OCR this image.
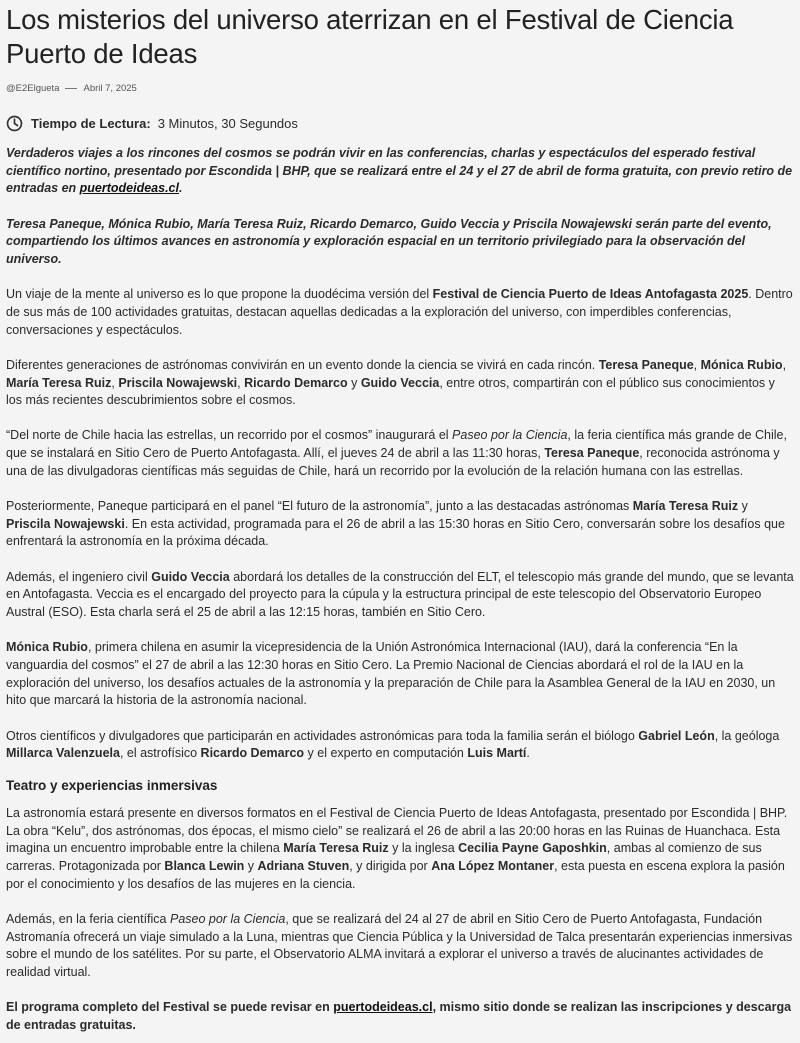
Los misterios del universo aterrizan en el Festival de Ciencia Puerto de Ideas
@E2Elgueta	Abril 7, 2025
Tiempo de Lectura: 3 Minutos, 30 Segundos

Verdaderos viajes a los rincones del cosmos se podrán vivir en las conferencias, charlas y espectáculos del esperado festival científico nortino, presentado por Escondida | BHP, que se realizará entre el 24 y el 27 de abril de forma gratuita, con previo retiro de entradas en puertodeideas.cl.

Teresa Paneque, Mónica Rubio, María Teresa Ruiz, Ricardo Demarco, Guido Veccia y Priscila Nowajewski serán parte del evento, compartiendo los últimos avances en astronomía y exploración espacial en un territorio privilegiado para la observación del universo.

Un viaje de la mente al universo es lo que propone la duodécima versión del Festival de Ciencia Puerto de Ideas Antofagasta 2025. Dentro de sus más de 100 actividades gratuitas, destacan aquellas dedicadas a la exploración del universo, con imperdibles conferencias, conversaciones y espectáculos.

Diferentes generaciones de astrónomas convivirán en un evento donde la ciencia se vivirá en cada rincón. Teresa Paneque, Mónica Rubio, María Teresa Ruiz, Priscila Nowajewski, Ricardo Demarco y Guido Veccia, entre otros, compartirán con el público sus conocimientos y los más recientes descubrimientos sobre el cosmos.

“Del norte de Chile hacia las estrellas, un recorrido por el cosmos” inaugurará el Paseo por la Ciencia, la feria científica más grande de Chile, que se instalará en Sitio Cero de Puerto Antofagasta. Allí, el jueves 24 de abril a las 11:30 horas, Teresa Paneque, reconocida astrónoma y una de las divulgadoras científicas más seguidas de Chile, hará un recorrido por la evolución de la relación humana con las estrellas.

Posteriormente, Paneque participará en el panel “El futuro de la astronomía”, junto a las destacadas astrónomas María Teresa Ruiz y Priscila Nowajewski. En esta actividad, programada para el 26 de abril a las 15:30 horas en Sitio Cero, conversarán sobre los desafíos que enfrentará la astronomía en la próxima década.

Además, el ingeniero civil Guido Veccia abordará los detalles de la construcción del ELT, el telescopio más grande del mundo, que se levanta en Antofagasta. Veccia es el encargado del proyecto para la cúpula y la estructura principal de este telescopio del Observatorio Europeo Austral (ESO). Esta charla será el 25 de abril a las 12:15 horas, también en Sitio Cero.

Mónica Rubio, primera chilena en asumir la vicepresidencia de la Unión Astronómica Internacional (IAU), dará la conferencia “En la vanguardia del cosmos” el 27 de abril a las 12:30 horas en Sitio Cero. La Premio Nacional de Ciencias abordará el rol de la IAU en la exploración del universo, los desafíos actuales de la astronomía y la preparación de Chile para la Asamblea General de la IAU en 2030, un hito que marcará la historia de la astronomía nacional.

Otros científicos y divulgadores que participarán en actividades astronómicas para toda la familia serán el biólogo Gabriel León, la geóloga Millarca Valenzuela, el astrofísico Ricardo Demarco y el experto en computación Luis Martí.

Teatro y experiencias inmersivas

La astronomía estará presente en diversos formatos en el Festival de Ciencia Puerto de Ideas Antofagasta, presentado por Escondida | BHP. La obra “Kelu”, dos astrónomas, dos épocas, el mismo cielo” se realizará el 26 de abril a las 20:00 horas en las Ruinas de Huanchaca. Esta imagina un encuentro improbable entre la chilena María Teresa Ruiz y la inglesa Cecilia Payne Gaposhkin, ambas al comienzo de sus carreras. Protagonizada por Blanca Lewin y Adriana Stuven, y dirigida por Ana López Montaner, esta puesta en escena explora la pasión por el conocimiento y los desafíos de las mujeres en la ciencia.

Además, en la feria científica Paseo por la Ciencia, que se realizará del 24 al 27 de abril en Sitio Cero de Puerto Antofagasta, Fundación Astromanía ofrecerá un viaje simulado a la Luna, mientras que Ciencia Pública y la Universidad de Talca presentarán experiencias inmersivas sobre el mundo de los satélites. Por su parte, el Observatorio ALMA invitará a explorar el universo a través de alucinantes actividades de realidad virtual.

El programa completo del Festival se puede revisar en puertodeideas.cl, mismo sitio donde se realizan las inscripciones y descarga de entradas gratuitas.
